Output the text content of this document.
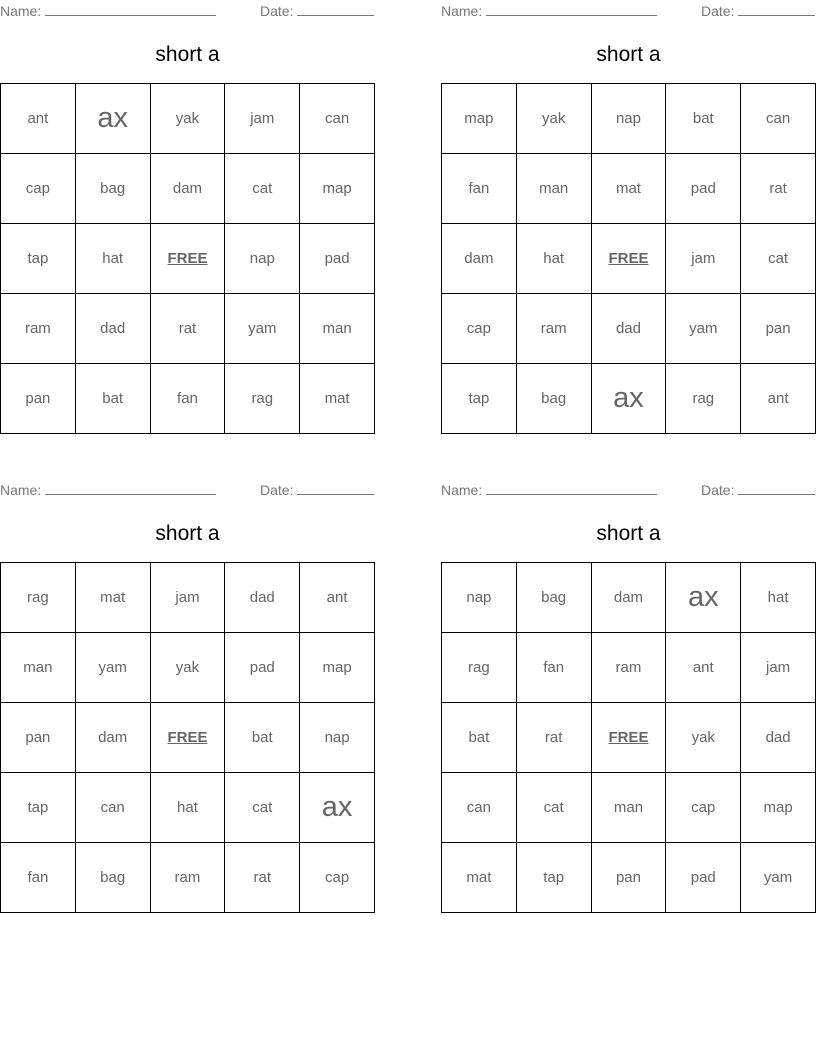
Name:	Date:
short a
ant	ax	yak	jam	can
cap	bag	dam	cat	map
tap	hat	FREE	nap	pad
ram	dad	rat	yam	man
pan	bat	fan	rag	mat
Name:	Date:
short a
map	yak	nap	bat	can
fan	man	mat	pad	rat
dam	hat	FREE	jam	cat
cap	ram	dad	yam	pan
tap	bag	ax	rag	ant
Name:	Date:
short a
rag	mat	jam	dad	ant
man	yam	yak	pad	map
pan	dam	FREE	bat	nap
tap	can	hat	cat	ax
fan	bag	ram	rat	cap
Name:	Date:
short a
nap	bag	dam	ax	hat
rag	fan	ram	ant	jam
bat	rat	FREE	yak	dad
can	cat	man	cap	map
mat	tap	pan	pad	yam
